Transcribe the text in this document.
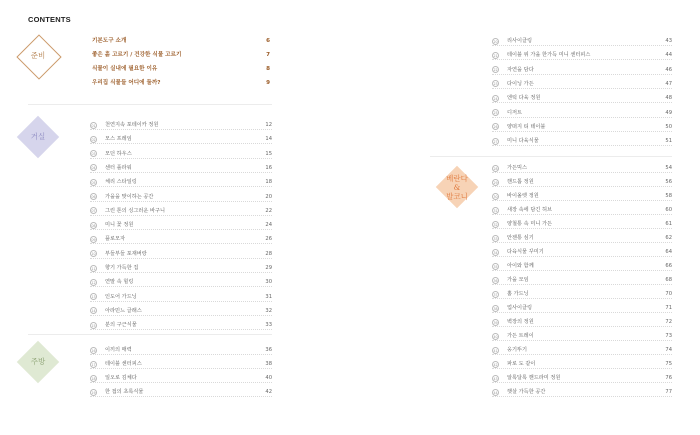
CONTENTS
준비
기본도구 소개	6
좋은 흙 고르기 / 건강한 식물 고르기	7
식물이 실내에 필요한 이유	8
우리집 식물들 어디에 둘까?	9
거실
01 천연지속 포테이카 정원	12
02 모스 프레임	14
03 모던 하우스	15
04 센터 플라워	16
05 체리 스타일링	18
06 가을을 맞이하는 공간	20
07 그린 톤의 싱그러운 바구니	22
08 미니 꽃 정원	24
09 플로모자	26
10 부들부들 포재버랑	28
11 향기 가득한 집	29
12 연말 속 힐링	30
13 인도어 가드닝	31
14 아라민느 글래스	32
15 분의 구근식물	33
주방
16 이끼의 매력	36
17 테이블 센터피스	38
18 일오로 김체다	40
19 한 접의 초록식물	42
20 리사이클링	43
21 테이블 위 가을 한가득 미니 센터피스	44
22 자연을 담다	46
23 다이닝 가든	47
24 엔틱 다육 정원	48
25 디저트	49
26 양떠지 티 테이블	50
27 미니 다육식물	51
베란다
&
발코니
28 가든믹스	54
29 핸드톱 정원	56
30 바이올렛 정원	58
31 새장 속에 담긴 허브	60
32 양철통 속 미니 가든	61
33 안젠통 심기	62
34 다육식물 꾸미기	64
35 아이와 함께	66
36 가을 모임	68
37 홈 가드닝	70
38 업사이클링	71
39 벽장의 정원	72
40 가든 트레이	73
41 옹기뚜기	74
42 파로 도 같이	75
43 알록달록 핸드라미 정원	76
44 햇살 가득한 공간	77
